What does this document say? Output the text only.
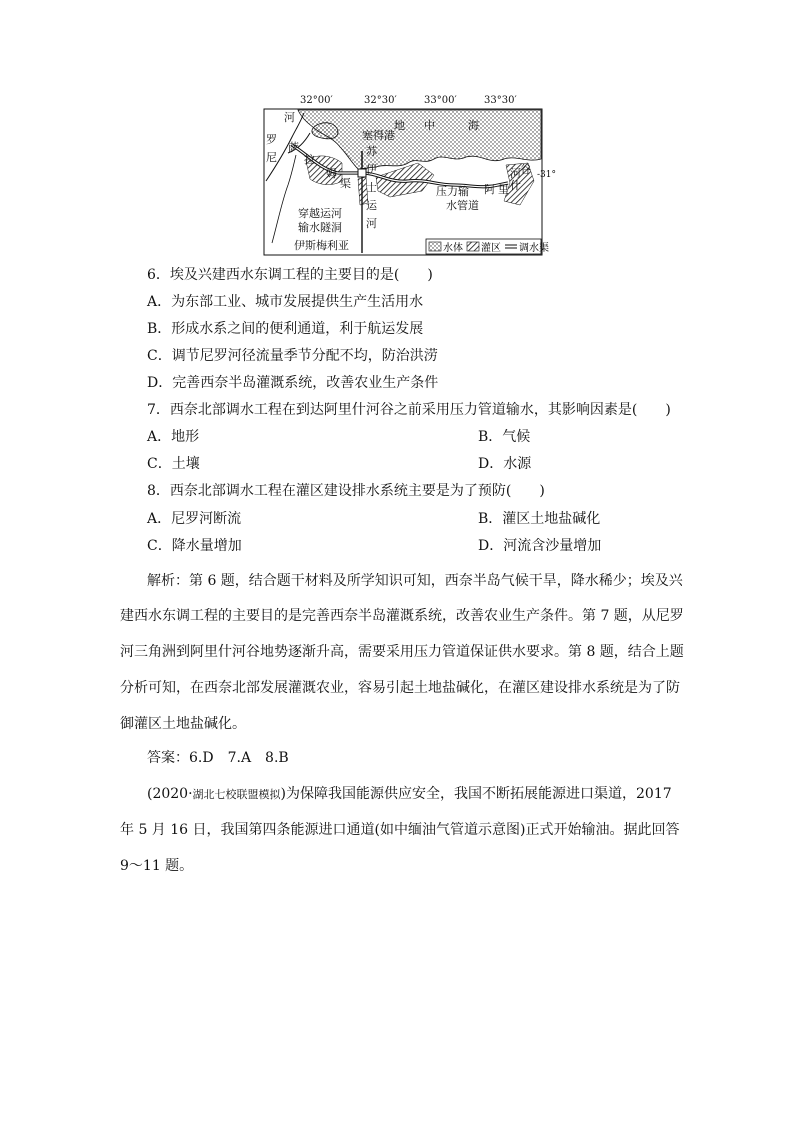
32°00′	32°30′	33°00′	33°30′
地 中	海
河
罗
尼
萨
拉
姆
渠
塞得港
苏
伊
士
运
河
压力输
水管道
阿 里 什
河 谷
穿越运河
输水隧洞
伊斯梅利亚
-31°
水体 灌区 调水渠
6．埃及兴建西水东调工程的主要目的是(　　)
A．为东部工业、城市发展提供生产生活用水
B．形成水系之间的便利通道，利于航运发展
C．调节尼罗河径流量季节分配不均，防治洪涝
D．完善西奈半岛灌溉系统，改善农业生产条件
7．西奈北部调水工程在到达阿里什河谷之前采用压力管道输水，其影响因素是(　　)
A．地形	B．气候
C．土壤	D．水源
8．西奈北部调水工程在灌区建设排水系统主要是为了预防(　　)
A．尼罗河断流	B．灌区土地盐碱化
C．降水量增加	D．河流含沙量增加
解析：第 6 题，结合题干材料及所学知识可知，西奈半岛气候干旱，降水稀少；埃及兴
建西水东调工程的主要目的是完善西奈半岛灌溉系统，改善农业生产条件。第 7 题，从尼罗
河三角洲到阿里什河谷地势逐渐升高，需要采用压力管道保证供水要求。第 8 题，结合上题
分析可知，在西奈北部发展灌溉农业，容易引起土地盐碱化，在灌区建设排水系统是为了防
御灌区土地盐碱化。
答案：6.D　7.A　8.B
(2020·湖北七校联盟模拟)为保障我国能源供应安全，我国不断拓展能源进口渠道，2017
年 5 月 16 日，我国第四条能源进口通道(如中缅油气管道示意图)正式开始输油。据此回答
9～11 题。
